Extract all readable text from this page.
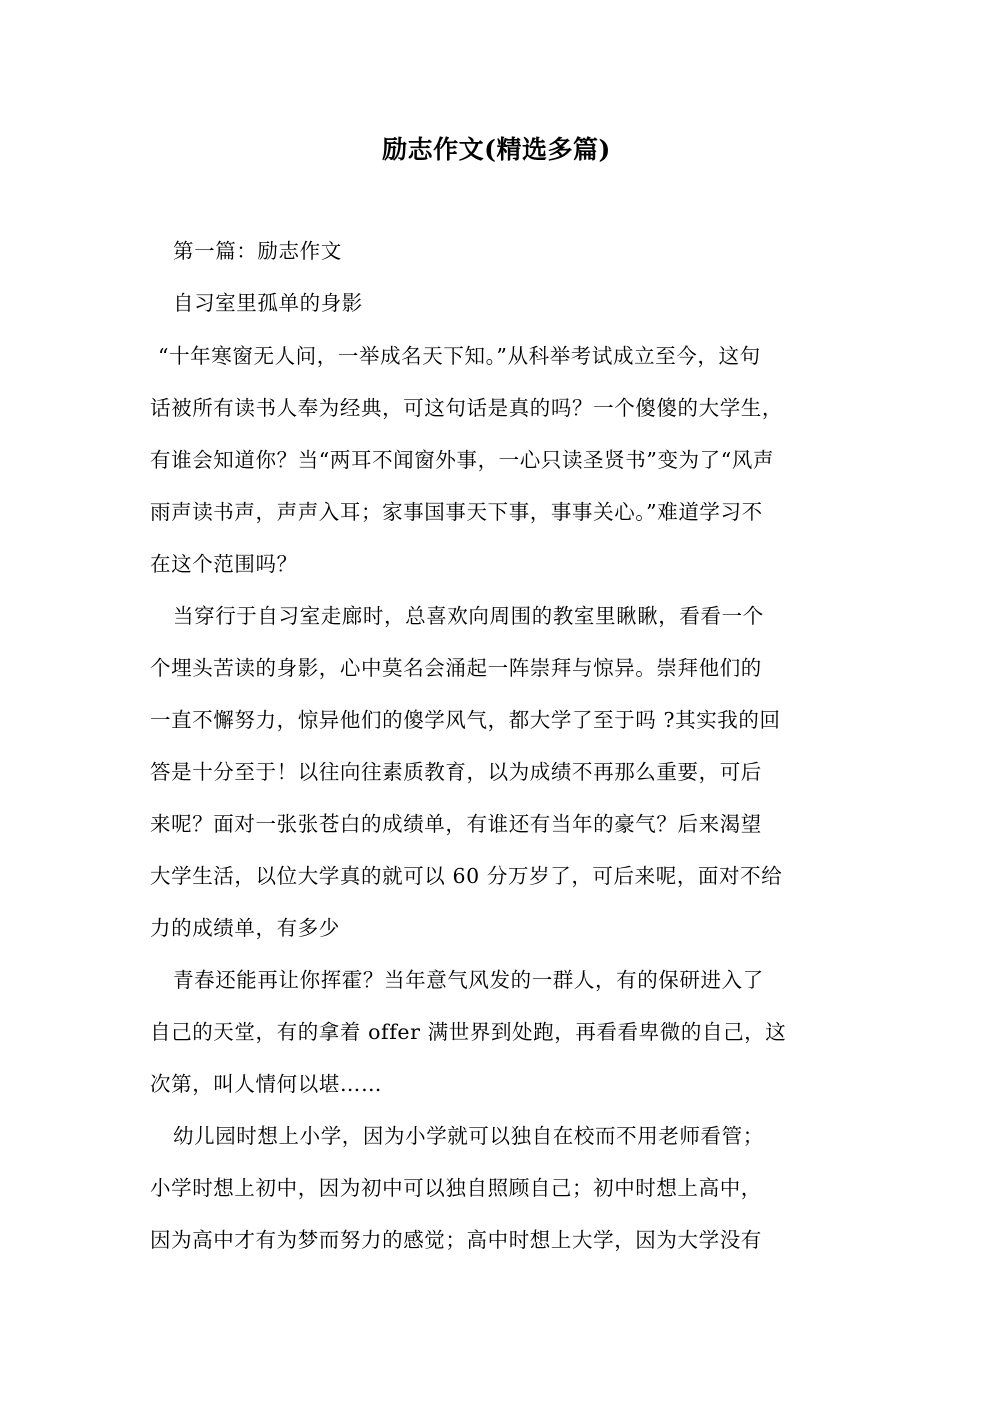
励志作文(精选多篇)
第一篇：励志作文
自习室里孤单的身影
“十年寒窗无人问，一举成名天下知。”从科举考试成立至今，这句
话被所有读书人奉为经典，可这句话是真的吗？一个傻傻的大学生，
有谁会知道你？当“两耳不闻窗外事，一心只读圣贤书”变为了“风声
雨声读书声，声声入耳；家事国事天下事，事事关心。”难道学习不
在这个范围吗？
当穿行于自习室走廊时，总喜欢向周围的教室里瞅瞅，看看一个
个埋头苦读的身影，心中莫名会涌起一阵崇拜与惊异。崇拜他们的
一直不懈努力，惊异他们的傻学风气，都大学了至于吗 ?其实我的回
答是十分至于！以往向往素质教育，以为成绩不再那么重要，可后
来呢？面对一张张苍白的成绩单，有谁还有当年的豪气？后来渴望
大学生活，以位大学真的就可以 60 分万岁了，可后来呢，面对不给
力的成绩单，有多少
青春还能再让你挥霍？当年意气风发的一群人，有的保研进入了
自己的天堂，有的拿着 offer 满世界到处跑，再看看卑微的自己，这
次第，叫人情何以堪……
幼儿园时想上小学，因为小学就可以独自在校而不用老师看管；
小学时想上初中，因为初中可以独自照顾自己；初中时想上高中，
因为高中才有为梦而努力的感觉；高中时想上大学，因为大学没有
